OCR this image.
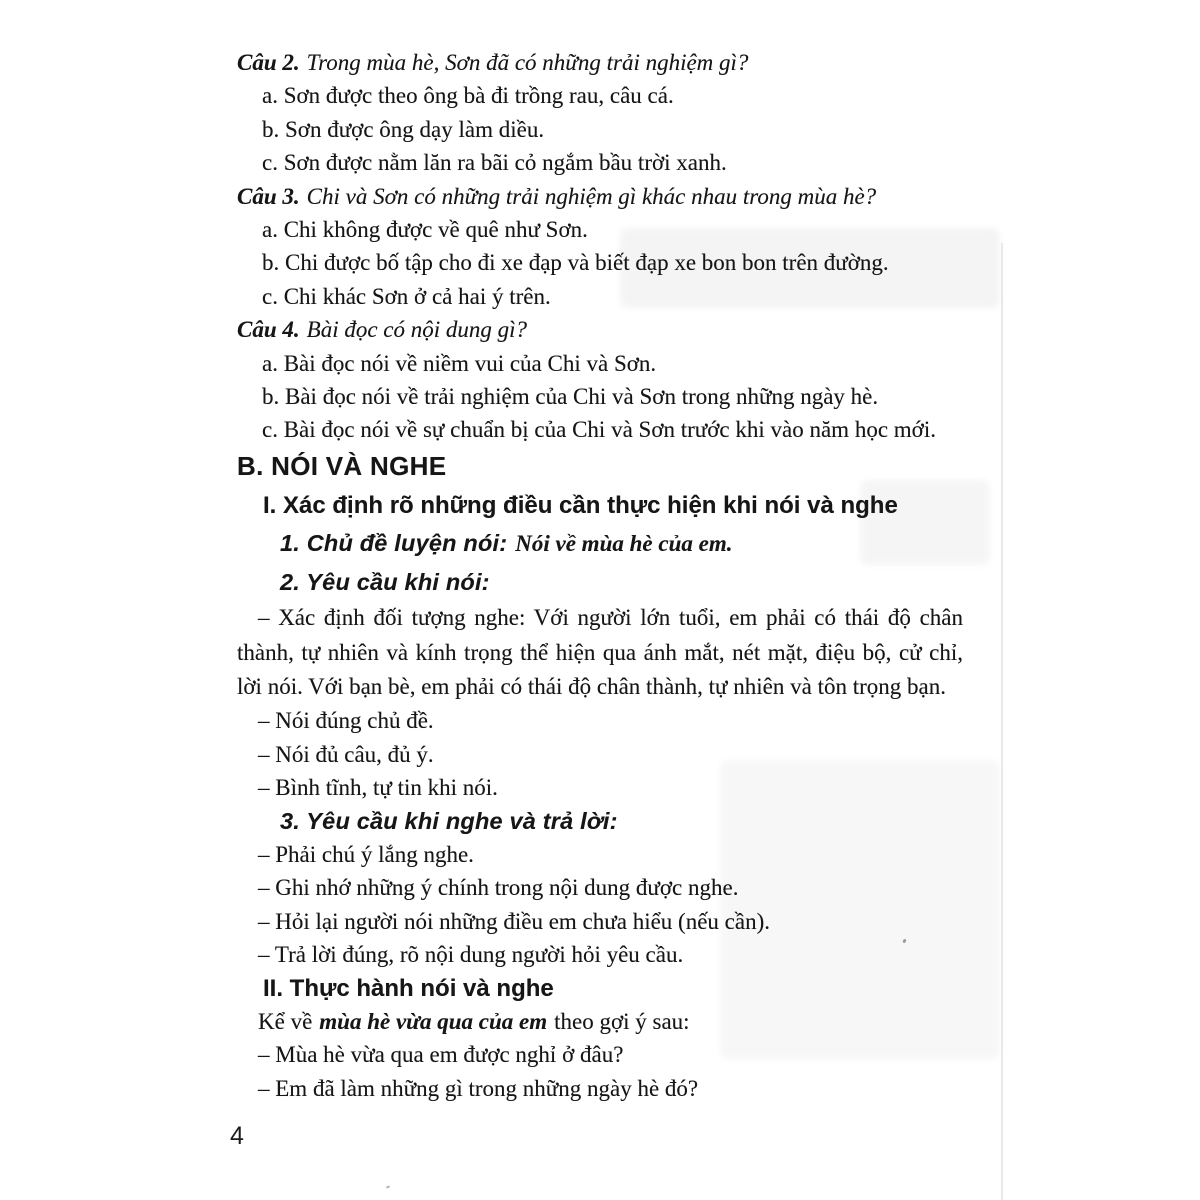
Câu 2. Trong mùa hè, Sơn đã có những trải nghiệm gì?
a. Sơn được theo ông bà đi trồng rau, câu cá.
b. Sơn được ông dạy làm diều.
c. Sơn được nằm lăn ra bãi cỏ ngắm bầu trời xanh.
Câu 3. Chi và Sơn có những trải nghiệm gì khác nhau trong mùa hè?
a. Chi không được về quê như Sơn.
b. Chi được bố tập cho đi xe đạp và biết đạp xe bon bon trên đường.
c. Chi khác Sơn ở cả hai ý trên.
Câu 4. Bài đọc có nội dung gì?
a. Bài đọc nói về niềm vui của Chi và Sơn.
b. Bài đọc nói về trải nghiệm của Chi và Sơn trong những ngày hè.
c. Bài đọc nói về sự chuẩn bị của Chi và Sơn trước khi vào năm học mới.
B. NÓI VÀ NGHE
I. Xác định rõ những điều cần thực hiện khi nói và nghe
1. Chủ đề luyện nói: Nói về mùa hè của em.
2. Yêu cầu khi nói:
– Xác định đối tượng nghe: Với người lớn tuổi, em phải có thái độ chân thành, tự nhiên và kính trọng thể hiện qua ánh mắt, nét mặt, điệu bộ, cử chỉ, lời nói. Với bạn bè, em phải có thái độ chân thành, tự nhiên và tôn trọng bạn.
– Nói đúng chủ đề.
– Nói đủ câu, đủ ý.
– Bình tĩnh, tự tin khi nói.
3. Yêu cầu khi nghe và trả lời:
– Phải chú ý lắng nghe.
– Ghi nhớ những ý chính trong nội dung được nghe.
– Hỏi lại người nói những điều em chưa hiểu (nếu cần).
– Trả lời đúng, rõ nội dung người hỏi yêu cầu.
II. Thực hành nói và nghe
Kể về mùa hè vừa qua của em theo gợi ý sau:
– Mùa hè vừa qua em được nghỉ ở đâu?
– Em đã làm những gì trong những ngày hè đó?
4
